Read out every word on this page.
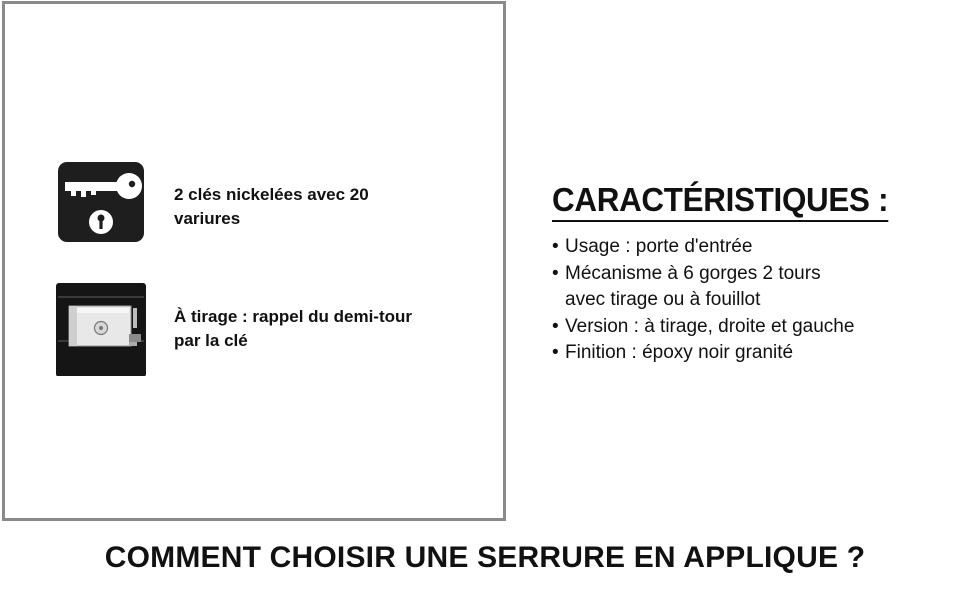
2 clés nickelées avec 20 variures
À tirage : rappel du demi-tour par la clé
CARACTÉRISTIQUES :
• Usage : porte d'entrée
• Mécanisme à 6 gorges 2 tours
avec tirage ou à fouillot
• Version : à tirage, droite et gauche
• Finition : époxy noir granité
COMMENT CHOISIR UNE SERRURE EN APPLIQUE ?
